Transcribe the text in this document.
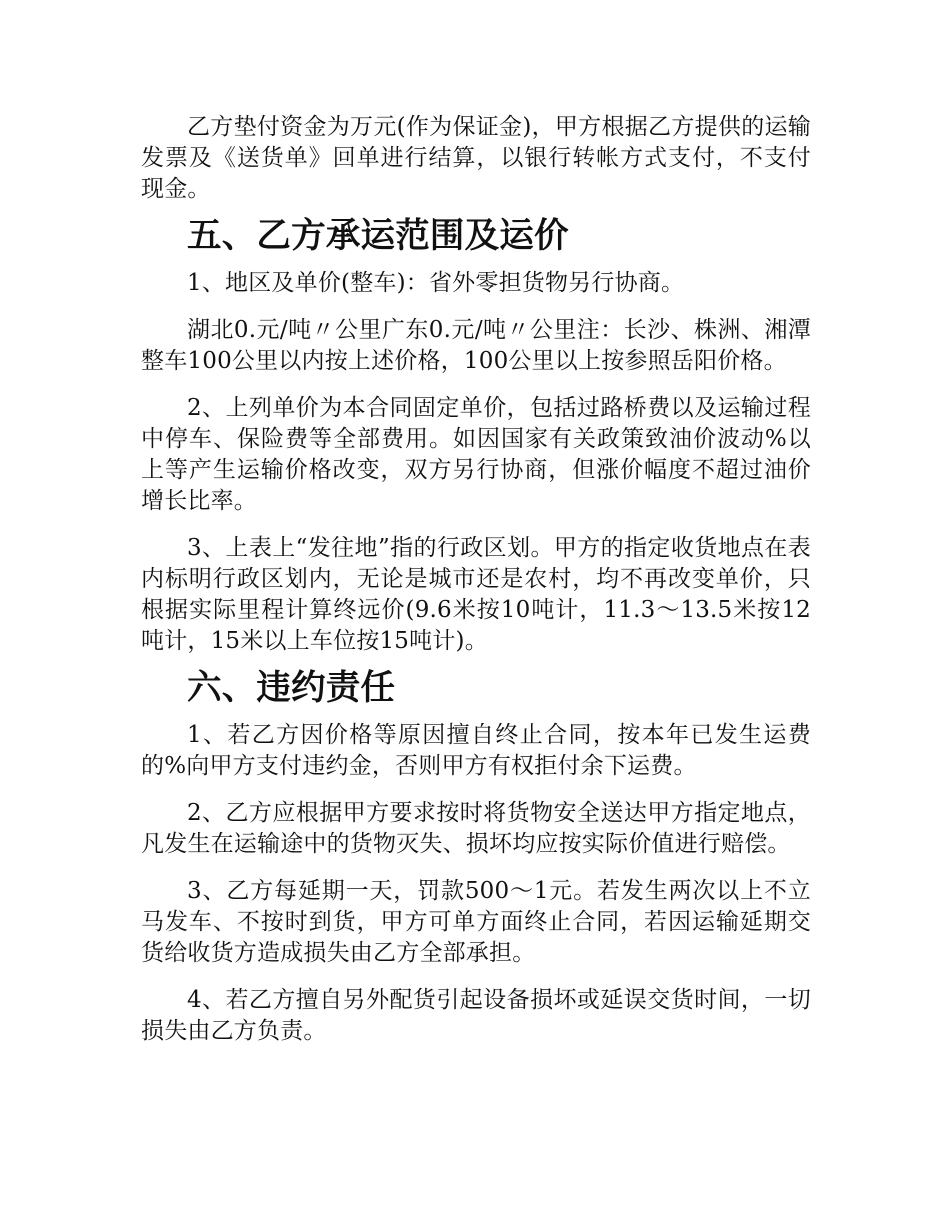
乙方垫付资金为万元(作为保证金)，甲方根据乙方提供的运输发票及《送货单》回单进行结算，以银行转帐方式支付，不支付现金。

五、乙方承运范围及运价

1、地区及单价(整车)：省外零担货物另行协商。

湖北0.元/吨〃公里广东0.元/吨〃公里注：长沙、株洲、湘潭整车100公里以内按上述价格，100公里以上按参照岳阳价格。

2、上列单价为本合同固定单价，包括过路桥费以及运输过程中停车、保险费等全部费用。如因国家有关政策致油价波动%以上等产生运输价格改变，双方另行协商，但涨价幅度不超过油价增长比率。

3、上表上“发往地”指的行政区划。甲方的指定收货地点在表内标明行政区划内，无论是城市还是农村，均不再改变单价，只根据实际里程计算终远价(9.6米按10吨计，11.3～13.5米按12吨计，15米以上车位按15吨计)。

六、违约责任

1、若乙方因价格等原因擅自终止合同，按本年已发生运费的%向甲方支付违约金，否则甲方有权拒付余下运费。

2、乙方应根据甲方要求按时将货物安全送达甲方指定地点，凡发生在运输途中的货物灭失、损坏均应按实际价值进行赔偿。

3、乙方每延期一天，罚款500～1元。若发生两次以上不立马发车、不按时到货，甲方可单方面终止合同，若因运输延期交货给收货方造成损失由乙方全部承担。

4、若乙方擅自另外配货引起设备损坏或延误交货时间，一切损失由乙方负责。
